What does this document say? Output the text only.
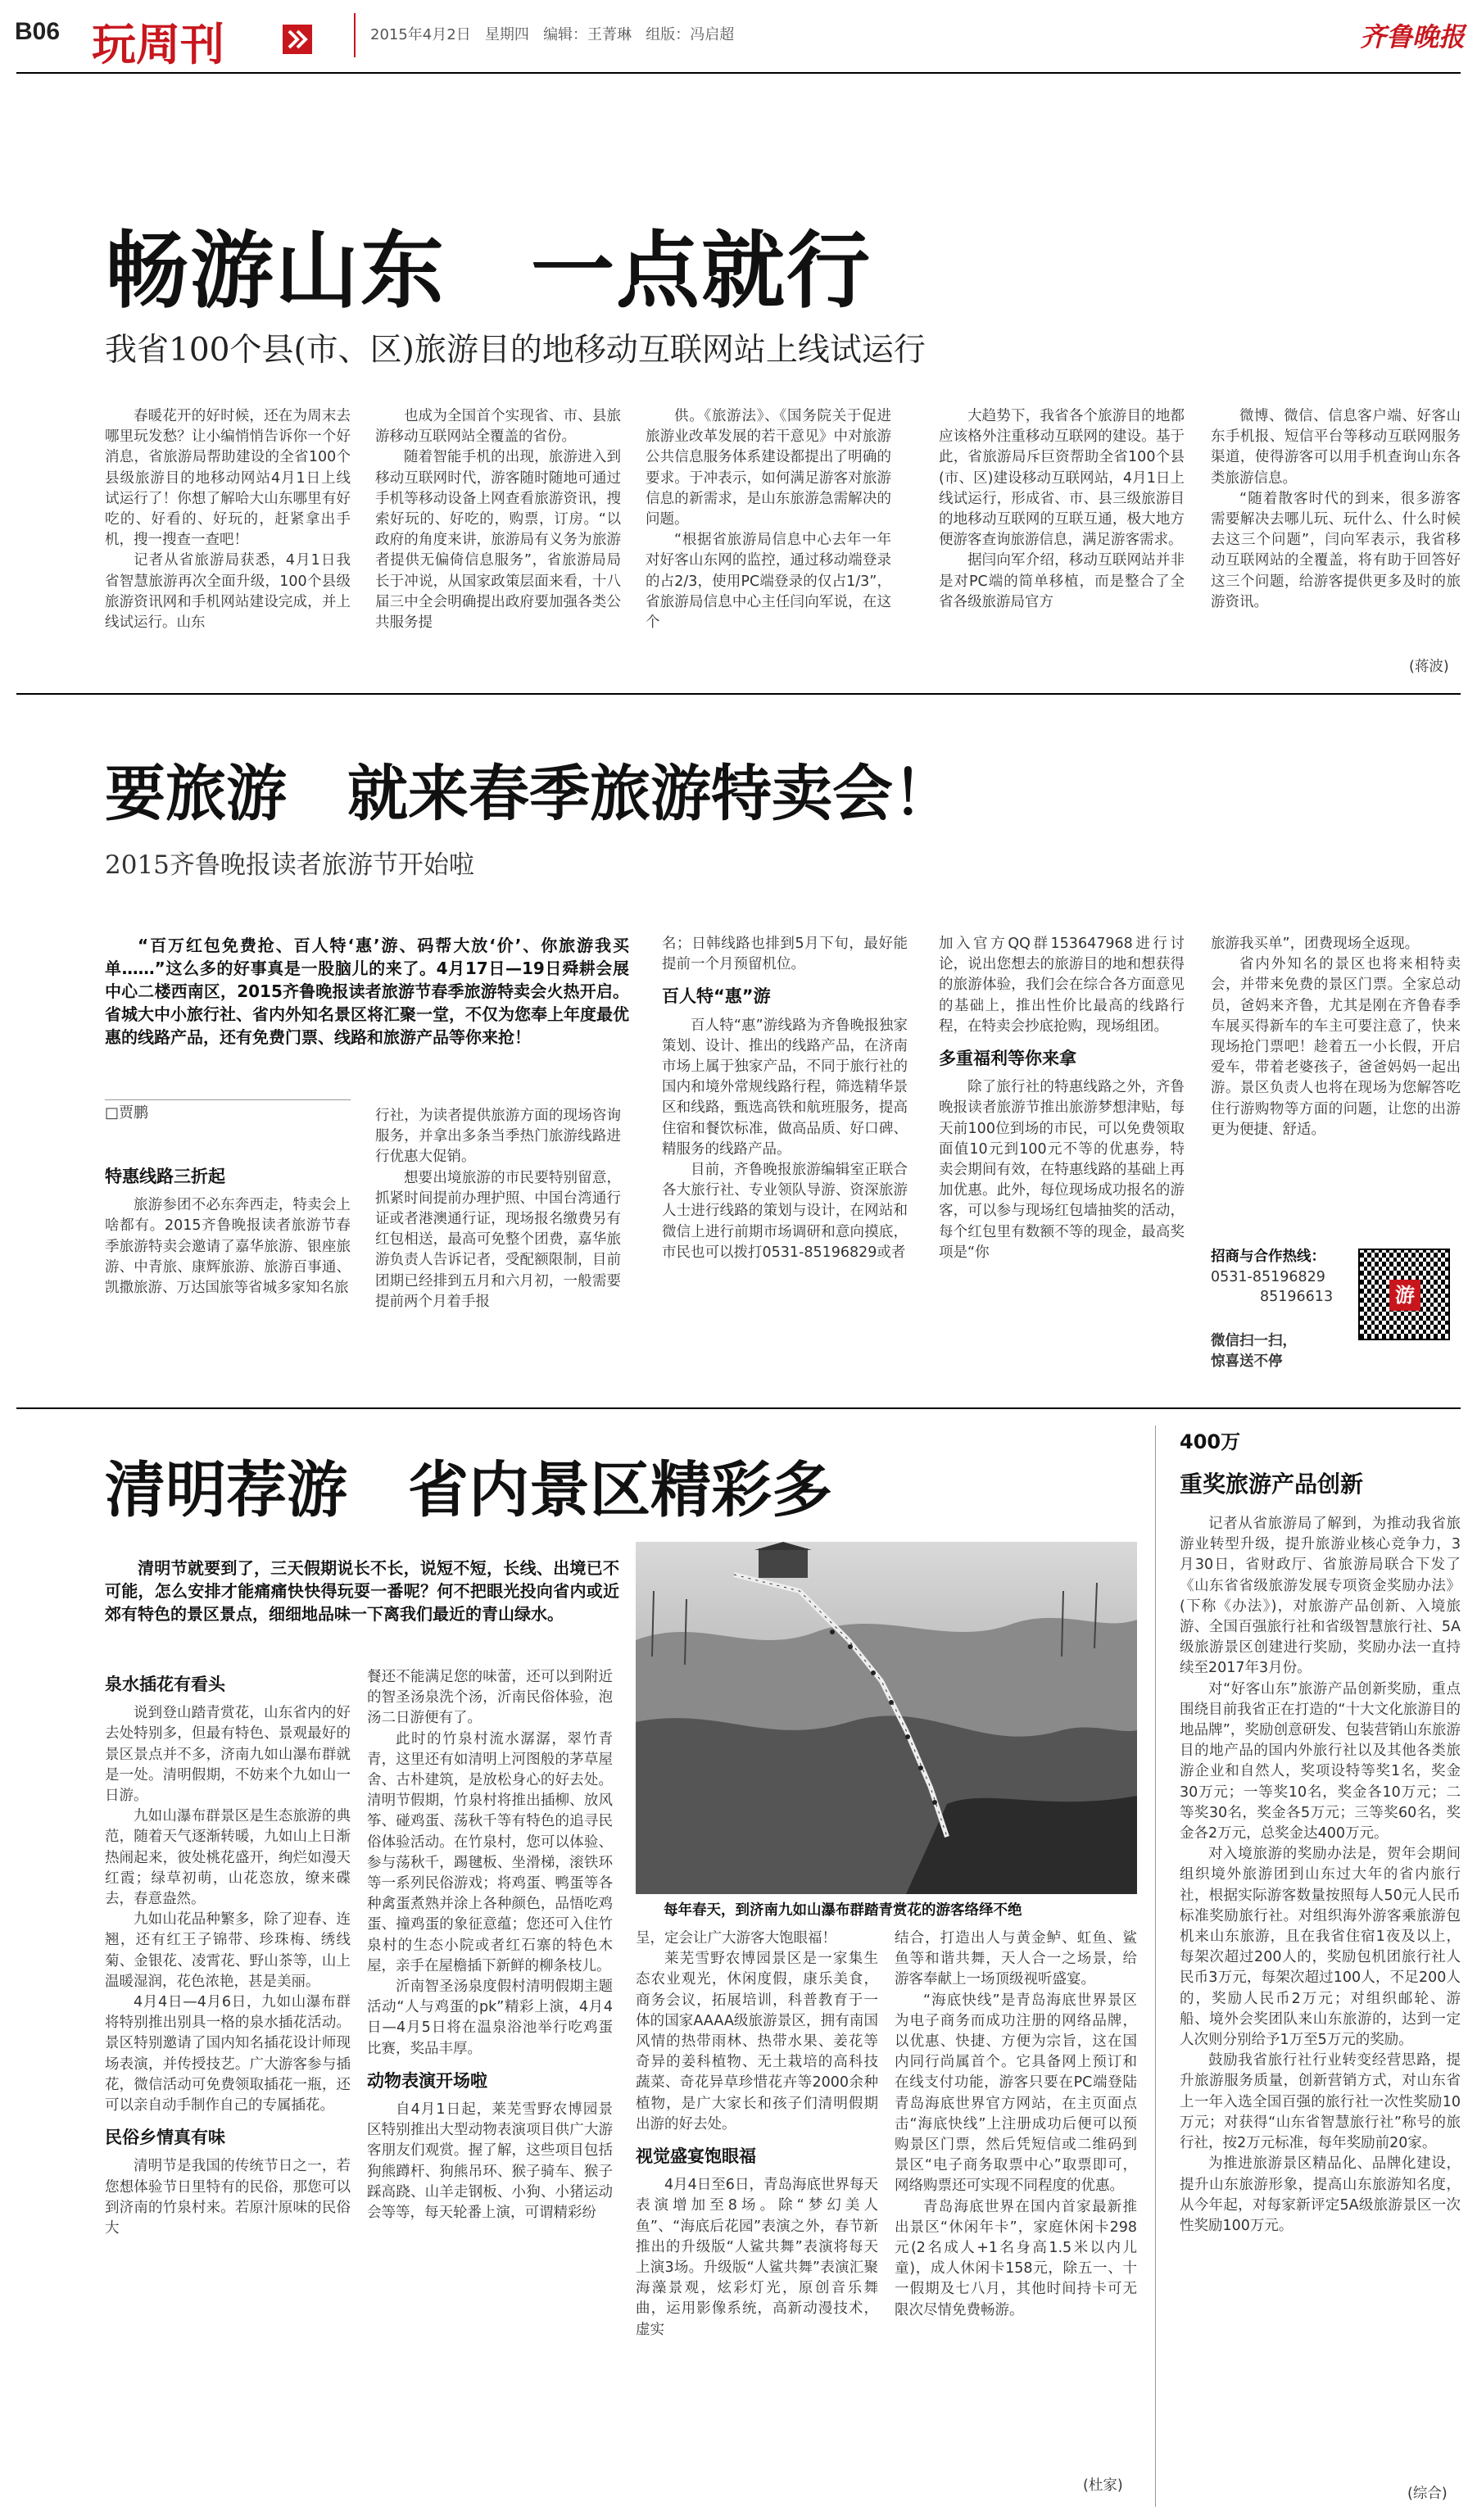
B06 玩周刊	2015年4月2日 星期四 编辑：王菁琳 组版：冯启超	齐鲁晚报
畅游山东　一点就行
我省100个县(市、区)旅游目的地移动互联网站上线试运行

春暖花开的好时候，还在为周末去哪里玩发愁？让小编悄悄告诉你一个好消息，省旅游局帮助建设的全省100个县级旅游目的地移动网站4月1日上线试运行了！你想了解哈大山东哪里有好吃的、好看的、好玩的，赶紧拿出手机，搜一搜查一查吧！

记者从省旅游局获悉，4月1日我省智慧旅游再次全面升级，100个县级旅游资讯网和手机网站建设完成，并上线试运行。山东

也成为全国首个实现省、市、县旅游移动互联网站全覆盖的省份。

随着智能手机的出现，旅游进入到移动互联网时代，游客随时随地可通过手机等移动设备上网查看旅游资讯，搜索好玩的、好吃的，购票，订房。“以政府的角度来讲，旅游局有义务为旅游者提供无偏倚信息服务”，省旅游局局长于冲说，从国家政策层面来看，十八届三中全会明确提出政府要加强各类公共服务提

供。《旅游法》、《国务院关于促进旅游业改革发展的若干意见》中对旅游公共信息服务体系建设都提出了明确的要求。于冲表示，如何满足游客对旅游信息的新需求，是山东旅游急需解决的问题。

“根据省旅游局信息中心去年一年对好客山东网的监控，通过移动端登录的占2/3，使用PC端登录的仅占1/3”，省旅游局信息中心主任闫向军说，在这个

大趋势下，我省各个旅游目的地都应该格外注重移动互联网的建设。基于此，省旅游局斥巨资帮助全省100个县(市、区)建设移动互联网站，4月1日上线试运行，形成省、市、县三级旅游目的地移动互联网的互联互通，极大地方便游客查询旅游信息，满足游客需求。

据闫向军介绍，移动互联网站并非是对PC端的简单移植，而是整合了全省各级旅游局官方

微博、微信、信息客户端、好客山东手机报、短信平台等移动互联网服务渠道，使得游客可以用手机查询山东各类旅游信息。

“随着散客时代的到来，很多游客需要解决去哪儿玩、玩什么、什么时候去这三个问题”，闫向军表示，我省移动互联网站的全覆盖，将有助于回答好这三个问题，给游客提供更多及时的旅游资讯。

(蒋波)
要旅游　就来春季旅游特卖会！
2015齐鲁晚报读者旅游节开始啦
“百万红包免费抢、百人特‘惠’游、码帮大放‘价’、你旅游我买单……”这么多的好事真是一股脑儿的来了。4月17日—19日舜耕会展中心二楼西南区，2015齐鲁晚报读者旅游节春季旅游特卖会火热开启。省城大中小旅行社、省内外知名景区将汇聚一堂，不仅为您奉上年度最优惠的线路产品，还有免费门票、线路和旅游产品等你来抢！
□贾鹏

特惠线路三折起

旅游参团不必东奔西走，特卖会上啥都有。2015齐鲁晚报读者旅游节春季旅游特卖会邀请了嘉华旅游、银座旅游、中青旅、康辉旅游、旅游百事通、凯撒旅游、万达国旅等省城多家知名旅

行社，为读者提供旅游方面的现场咨询服务，并拿出多条当季热门旅游线路进行优惠大促销。

想要出境旅游的市民要特别留意，抓紧时间提前办理护照、中国台湾通行证或者港澳通行证，现场报名缴费另有红包相送，最高可免整个团费，嘉华旅游负责人告诉记者，受配额限制，目前团期已经排到五月和六月初，一般需要提前两个月着手报

名；日韩线路也排到5月下旬，最好能提前一个月预留机位。

百人特“惠”游

百人特“惠”游线路为齐鲁晚报独家策划、设计、推出的线路产品，在济南市场上属于独家产品，不同于旅行社的国内和境外常规线路行程，筛选精华景区和线路，甄选高铁和航班服务，提高住宿和餐饮标准，做高品质、好口碑、精服务的线路产品。

目前，齐鲁晚报旅游编辑室正联合各大旅行社、专业领队导游、资深旅游人士进行线路的策划与设计，在网站和微信上进行前期市场调研和意向摸底，市民也可以拨打0531-85196829或者

加入官方QQ群153647968进行讨论，说出您想去的旅游目的地和想获得的旅游体验，我们会在综合各方面意见的基础上，推出性价比最高的线路行程，在特卖会抄底抢购，现场组团。

多重福利等你来拿

除了旅行社的特惠线路之外，齐鲁晚报读者旅游节推出旅游梦想津贴，每天前100位到场的市民，可以免费领取面值10元到100元不等的优惠券，特卖会期间有效，在特惠线路的基础上再加优惠。此外，每位现场成功报名的游客，可以参与现场红包墙抽奖的活动，每个红包里有数额不等的现金，最高奖项是“你

旅游我买单”，团费现场全返现。

省内外知名的景区也将来相特卖会，并带来免费的景区门票。全家总动员，爸妈来齐鲁，尤其是刚在齐鲁春季车展买得新车的车主可要注意了，快来现场抢门票吧！趁着五一小长假，开启爱车，带着老婆孩子，爸爸妈妈一起出游。景区负责人也将在现场为您解答吃住行游购物等方面的问题，让您的出游更为便捷、舒适。

招商与合作热线：
0531-85196829
85196613
微信扫一扫，
惊喜送不停
游
清明荐游　省内景区精彩多
清明节就要到了，三天假期说长不长，说短不短，长线、出境已不可能，怎么安排才能痛痛快快得玩耍一番呢？何不把眼光投向省内或近郊有特色的景区景点，细细地品味一下离我们最近的青山绿水。

泉水插花有看头

说到登山踏青赏花，山东省内的好去处特别多，但最有特色、景观最好的景区景点并不多，济南九如山瀑布群就是一处。清明假期，不妨来个九如山一日游。

九如山瀑布群景区是生态旅游的典范，随着天气逐渐转暖，九如山上日渐热闹起来，彼处桃花盛开，绚烂如漫天红霞；绿草初萌，山花恣放，缭来碟去，春意盎然。

九如山花品种繁多，除了迎春、连翘，还有红王子锦带、珍珠梅、绣线菊、金银花、凌霄花、野山茶等，山上温暖湿润，花色浓艳，甚是美丽。

4月4日—4月6日，九如山瀑布群将特别推出别具一格的泉水插花活动。景区特别邀请了国内知名插花设计师现场表演，并传授技艺。广大游客参与插花，微信活动可免费领取插花一瓶，还可以亲自动手制作自己的专属插花。

民俗乡情真有味

清明节是我国的传统节日之一，若您想体验节日里特有的民俗，那您可以到济南的竹泉村来。若原汁原味的民俗大

餐还不能满足您的味蕾，还可以到附近的智圣汤泉洗个汤，沂南民俗体验，泡汤二日游便有了。

此时的竹泉村流水潺潺，翠竹青青，这里还有如清明上河图般的茅草屋舍、古朴建筑，是放松身心的好去处。清明节假期，竹泉村将推出插柳、放风筝、碰鸡蛋、荡秋千等有特色的追寻民俗体验活动。在竹泉村，您可以体验、参与荡秋千，踢毽板、坐滑梯，滚铁环等一系列民俗游戏；将鸡蛋、鸭蛋等各种禽蛋煮熟并涂上各种颜色，品悟吃鸡蛋、撞鸡蛋的象征意蕴；您还可入住竹泉村的生态小院或者红石寨的特色木屋，亲手在屋檐插下新鲜的柳条枝儿。

沂南智圣汤泉度假村清明假期主题活动“人与鸡蛋的pk”精彩上演，4月4日—4月5日将在温泉浴池举行吃鸡蛋比赛，奖品丰厚。

动物表演开场啦

自4月1日起，莱芜雪野农博园景区特别推出大型动物表演项目供广大游客朋友们观赏。握了解，这些项目包括狗熊蹲杆、狗熊吊环、猴子骑车、猴子踩高跷、山羊走钢板、小狗、小猪运动会等等，每天轮番上演，可谓精彩纷

每年春天，到济南九如山瀑布群踏青赏花的游客络绎不绝

呈，定会让广大游客大饱眼福！

莱芜雪野农博园景区是一家集生态农业观光，休闲度假，康乐美食，商务会议，拓展培训，科普教育于一体的国家AAAA级旅游景区，拥有南国风情的热带雨林、热带水果、姜花等奇异的姜科植物、无土栽培的高科技蔬菜、奇花异草珍惜花卉等2000余种植物，是广大家长和孩子们清明假期出游的好去处。

视觉盛宴饱眼福

4月4日至6日，青岛海底世界每天表演增加至8场。除“梦幻美人鱼”、“海底后花园”表演之外，春节新推出的升级版“人鲨共舞”表演将每天上演3场。升级版“人鲨共舞”表演汇聚海藻景观，炫彩灯光，原创音乐舞曲，运用影像系统，高新动漫技术，虚实

结合，打造出人与黄金鲈、虹鱼、鲨鱼等和谐共舞，天人合一之场景，给游客奉献上一场顶级视听盛宴。

“海底快线”是青岛海底世界景区为电子商务而成功注册的网络品牌，以优惠、快捷、方便为宗旨，这在国内同行尚属首个。它具备网上预订和在线支付功能，游客只要在PC端登陆青岛海底世界官方网站，在主页面点击“海底快线”上注册成功后便可以预购景区门票，然后凭短信或二维码到景区“电子商务取票中心”取票即可，网络购票还可实现不同程度的优惠。

青岛海底世界在国内首家最新推出景区“休闲年卡”，家庭休闲卡298元(2名成人+1名身高1.5米以内儿童)，成人休闲卡158元，除五一、十一假期及七八月，其他时间持卡可无限次尽情免费畅游。

(杜家)
400万
重奖旅游产品创新

记者从省旅游局了解到，为推动我省旅游业转型升级，提升旅游业核心竞争力，3月30日，省财政厅、省旅游局联合下发了《山东省省级旅游发展专项资金奖励办法》(下称《办法》)，对旅游产品创新、入境旅游、全国百强旅行社和省级智慧旅行社、5A级旅游景区创建进行奖励，奖励办法一直持续至2017年3月份。

对“好客山东”旅游产品创新奖励，重点围绕目前我省正在打造的“十大文化旅游目的地品牌”，奖励创意研发、包装营销山东旅游目的地产品的国内外旅行社以及其他各类旅游企业和自然人，奖项设特等奖1名，奖金30万元；一等奖10名，奖金各10万元；二等奖30名，奖金各5万元；三等奖60名，奖金各2万元，总奖金达400万元。

对入境旅游的奖励办法是，贺年会期间组织境外旅游团到山东过大年的省内旅行社，根据实际游客数量按照每人50元人民币标准奖励旅行社。对组织海外游客乘旅游包机来山东旅游，且在我省住宿1夜及以上，每架次超过200人的，奖励包机团旅行社人民币3万元，每架次超过100人，不足200人的，奖励人民币2万元；对组织邮轮、游船、境外会奖团队来山东旅游的，达到一定人次则分别给予1万至5万元的奖励。

鼓励我省旅行社行业转变经营思路，提升旅游服务质量，创新营销方式，对山东省上一年入选全国百强的旅行社一次性奖励10万元；对获得“山东省智慧旅行社”称号的旅行社，按2万元标准，每年奖励前20家。

为推进旅游景区精品化、品牌化建设，提升山东旅游形象，提高山东旅游知名度，从今年起，对每家新评定5A级旅游景区一次性奖励100万元。

(综合)
